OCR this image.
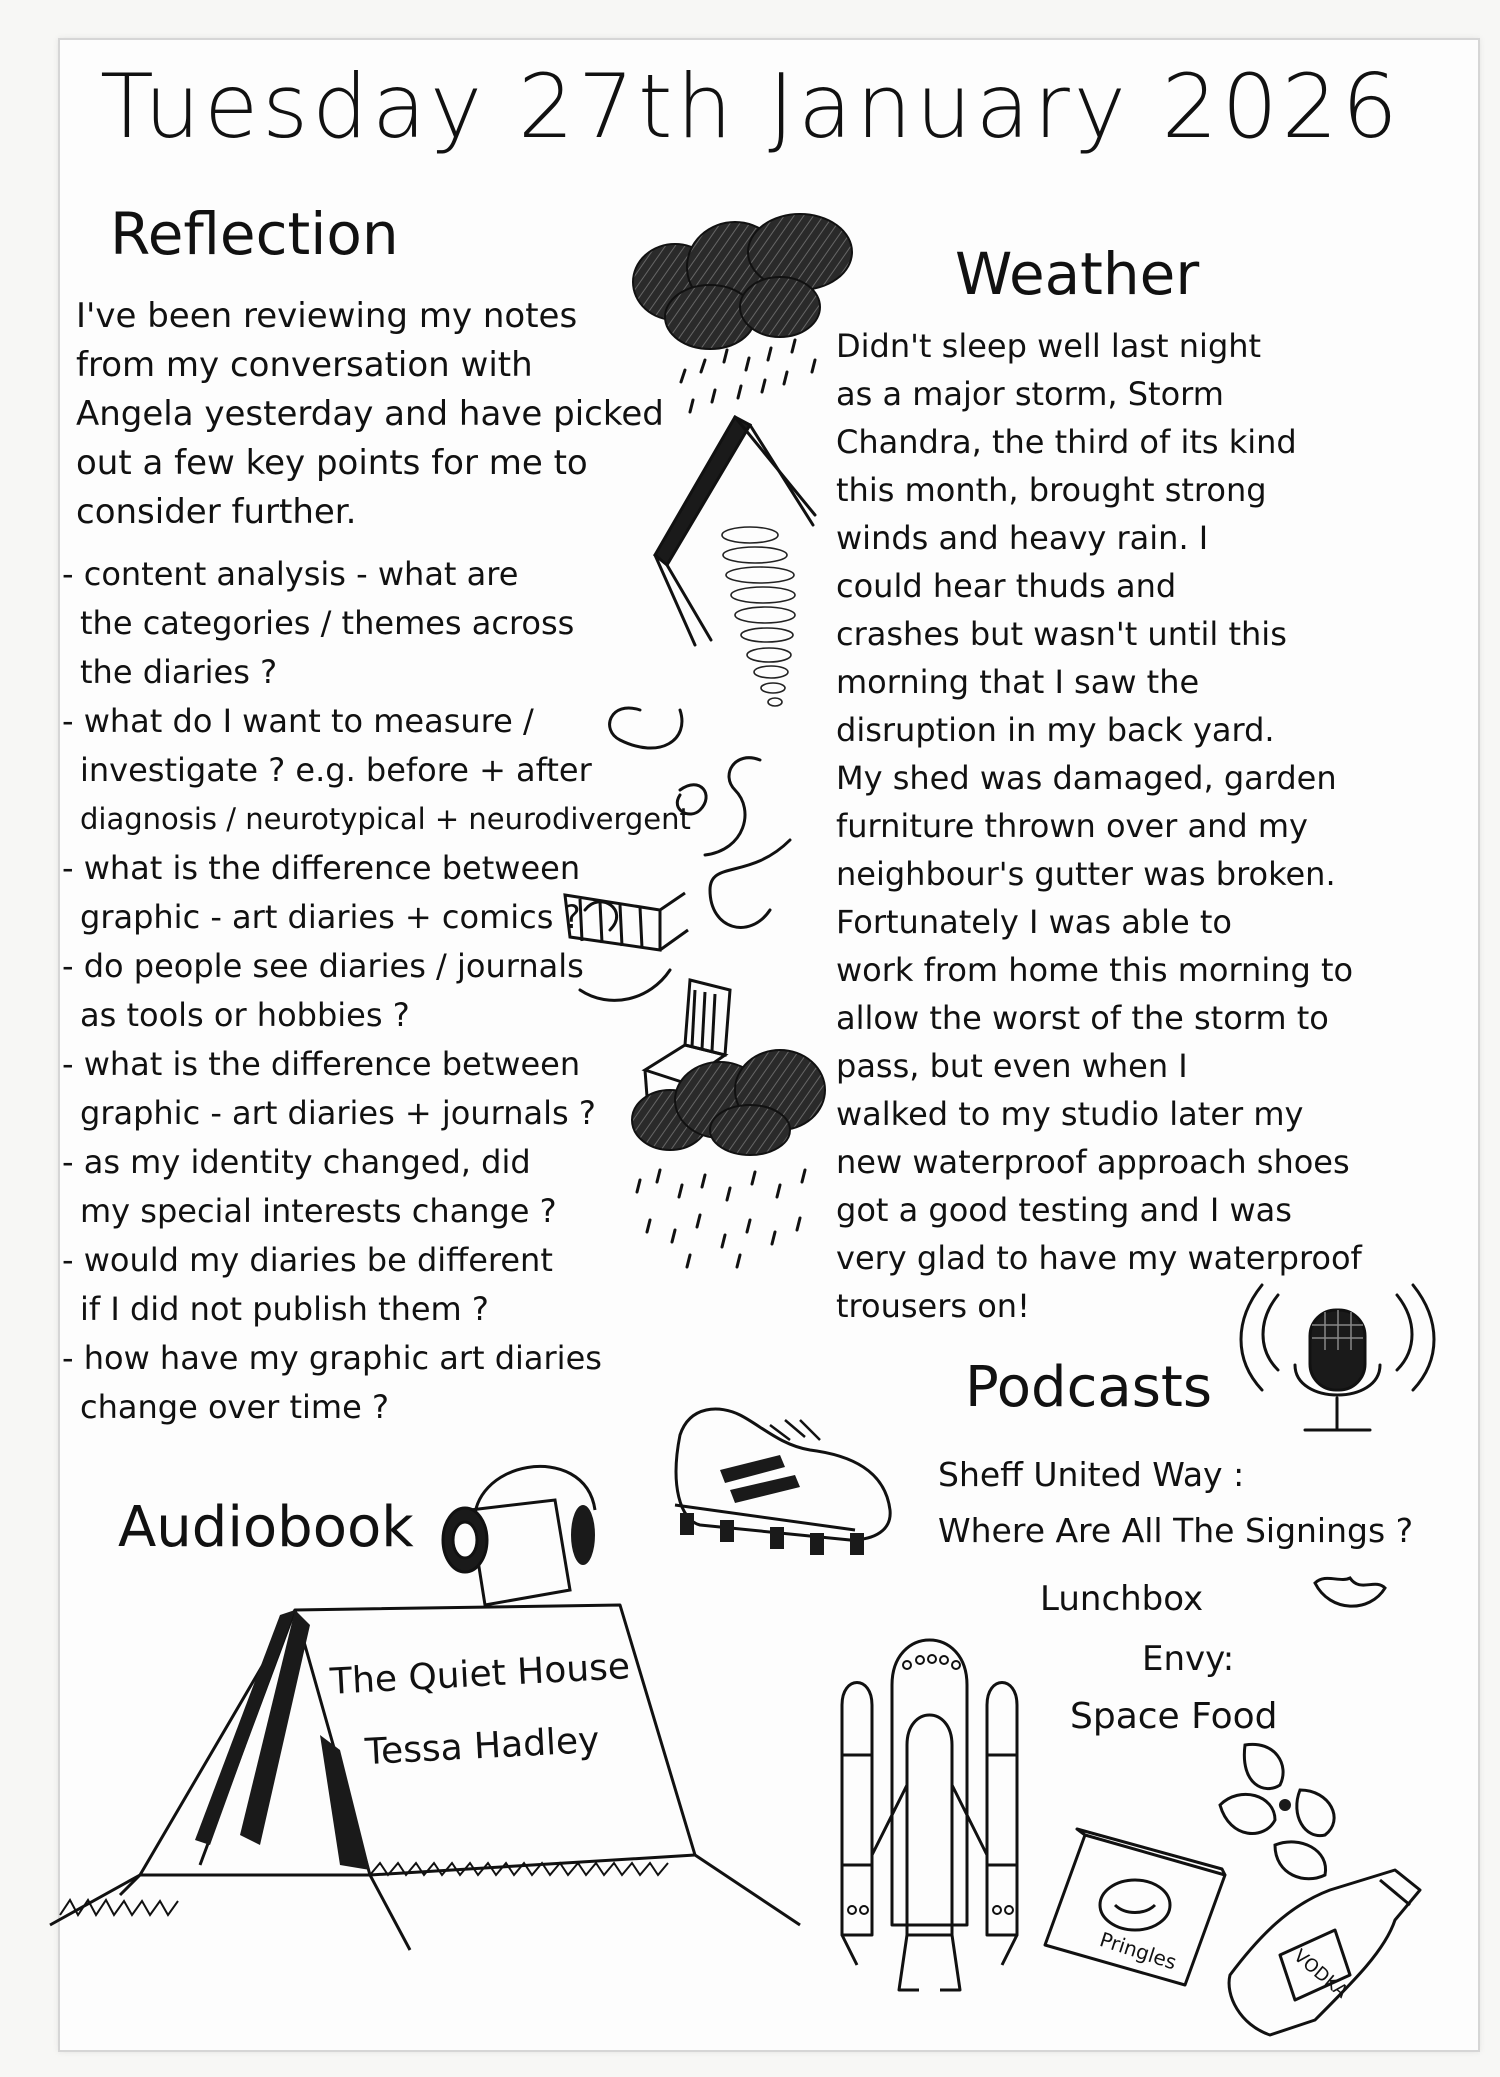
Tuesday 27th January 2026
Reflection
I've been reviewing my notes
from my conversation with
Angela yesterday and have picked
out a few key points for me to
consider further.
- content analysis - what are
the categories / themes across
the diaries ?
- what do I want to measure /
investigate ? e.g. before + after
diagnosis / neurotypical + neurodivergent
- what is the difference between
graphic - art diaries + comics ?
- do people see diaries / journals
as tools or hobbies ?
- what is the difference between
graphic - art diaries + journals ?
- as my identity changed, did
my special interests change ?
- would my diaries be different
if I did not publish them ?
- how have my graphic art diaries
change over time ?
Weather
Didn't sleep well last night
as a major storm, Storm
Chandra, the third of its kind
this month, brought strong
winds and heavy rain. I
could hear thuds and
crashes but wasn't until this
morning that I saw the
disruption in my back yard.
My shed was damaged, garden
furniture thrown over and my
neighbour's gutter was broken.
Fortunately I was able to
work from home this morning to
allow the worst of the storm to
pass, but even when I
walked to my studio later my
new waterproof approach shoes
got a good testing and I was
very glad to have my waterproof
trousers on!
Podcasts
Sheff United Way :
Where Are All The Signings ?
Lunchbox
Envy:
Space Food
Audiobook
The Quiet House
Tessa Hadley
Pringles	VODKA
